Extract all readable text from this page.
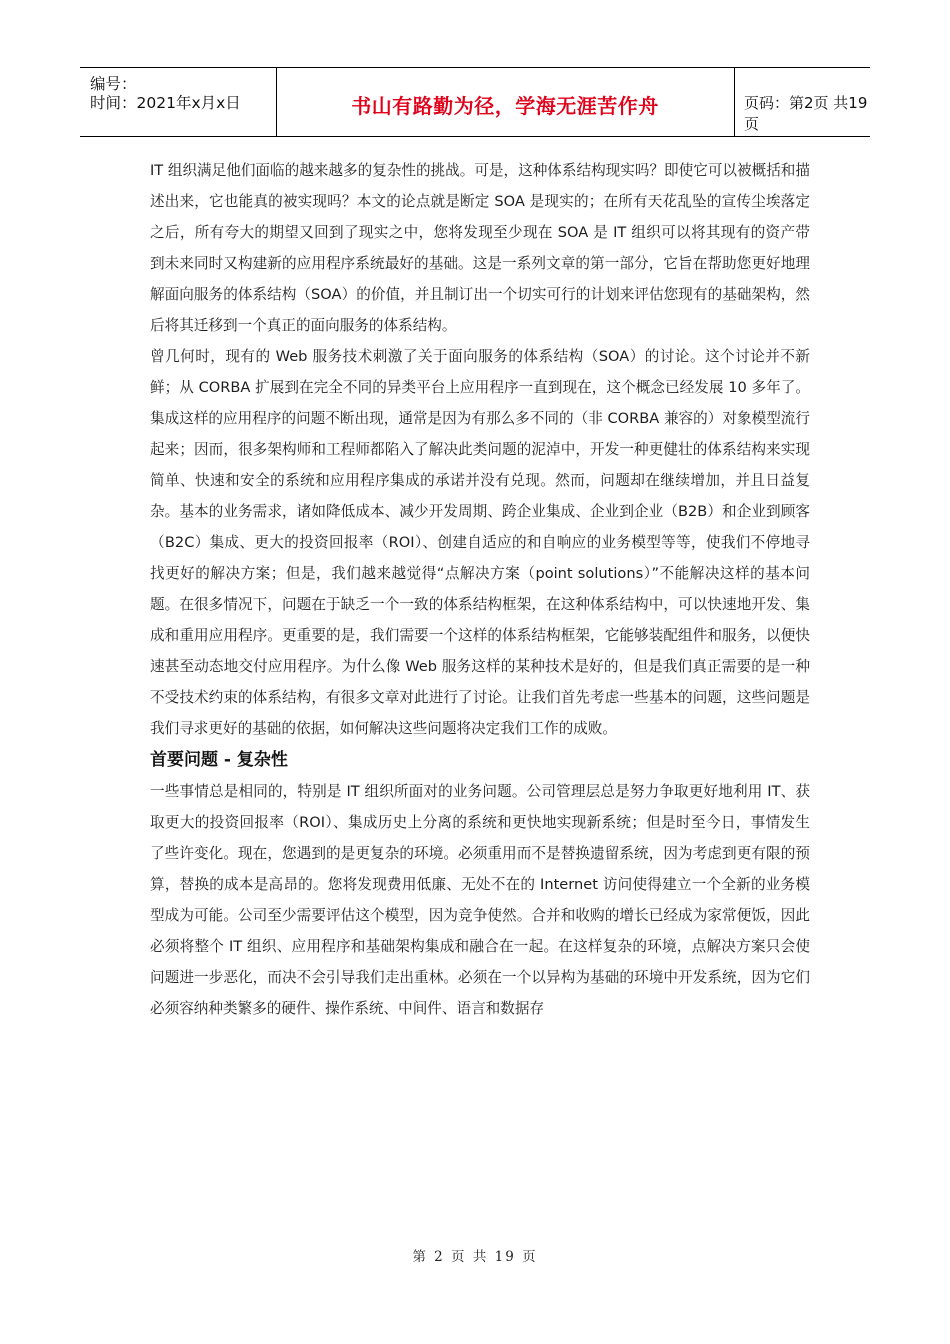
编号：
时间：2021年x月x日	书山有路勤为径，学海无涯苦作舟	页码：第2页 共19页

IT 组织满足他们面临的越来越多的复杂性的挑战。可是，这种体系结构现实吗？即使它可以被概括和描述出来，它也能真的被实现吗？本文的论点就是断定 SOA 是现实的；在所有天花乱坠的宣传尘埃落定之后，所有夸大的期望又回到了现实之中，您将发现至少现在 SOA 是 IT 组织可以将其现有的资产带到未来同时又构建新的应用程序系统最好的基础。这是一系列文章的第一部分，它旨在帮助您更好地理解面向服务的体系结构（SOA）的价值，并且制订出一个切实可行的计划来评估您现有的基础架构，然后将其迁移到一个真正的面向服务的体系结构。

曾几何时，现有的 Web 服务技术刺激了关于面向服务的体系结构（SOA）的讨论。这个讨论并不新鲜；从 CORBA 扩展到在完全不同的异类平台上应用程序一直到现在，这个概念已经发展 10 多年了。集成这样的应用程序的问题不断出现，通常是因为有那么多不同的（非 CORBA 兼容的）对象模型流行起来；因而，很多架构师和工程师都陷入了解决此类问题的泥淖中，开发一种更健壮的体系结构来实现简单、快速和安全的系统和应用程序集成的承诺并没有兑现。然而，问题却在继续增加，并且日益复杂。基本的业务需求，诸如降低成本、减少开发周期、跨企业集成、企业到企业（B2B）和企业到顾客（B2C）集成、更大的投资回报率（ROI）、创建自适应的和自响应的业务模型等等，使我们不停地寻找更好的解决方案；但是，我们越来越觉得“点解决方案（point solutions）”不能解决这样的基本问题。在很多情况下，问题在于缺乏一个一致的体系结构框架，在这种体系结构中，可以快速地开发、集成和重用应用程序。更重要的是，我们需要一个这样的体系结构框架，它能够装配组件和服务，以便快速甚至动态地交付应用程序。为什么像 Web 服务这样的某种技术是好的，但是我们真正需要的是一种不受技术约束的体系结构，有很多文章对此进行了讨论。让我们首先考虑一些基本的问题，这些问题是我们寻求更好的基础的依据，如何解决这些问题将决定我们工作的成败。

首要问题 - 复杂性

一些事情总是相同的，特别是 IT 组织所面对的业务问题。公司管理层总是努力争取更好地利用 IT、获取更大的投资回报率（ROI）、集成历史上分离的系统和更快地实现新系统；但是时至今日，事情发生了些许变化。现在，您遇到的是更复杂的环境。必须重用而不是替换遗留系统，因为考虑到更有限的预算，替换的成本是高昂的。您将发现费用低廉、无处不在的 Internet 访问使得建立一个全新的业务模型成为可能。公司至少需要评估这个模型，因为竞争使然。合并和收购的增长已经成为家常便饭，因此必须将整个 IT 组织、应用程序和基础架构集成和融合在一起。在这样复杂的环境，点解决方案只会使问题进一步恶化，而决不会引导我们走出重林。必须在一个以异构为基础的环境中开发系统，因为它们必须容纳种类繁多的硬件、操作系统、中间件、语言和数据存

第 2 页 共 19 页
